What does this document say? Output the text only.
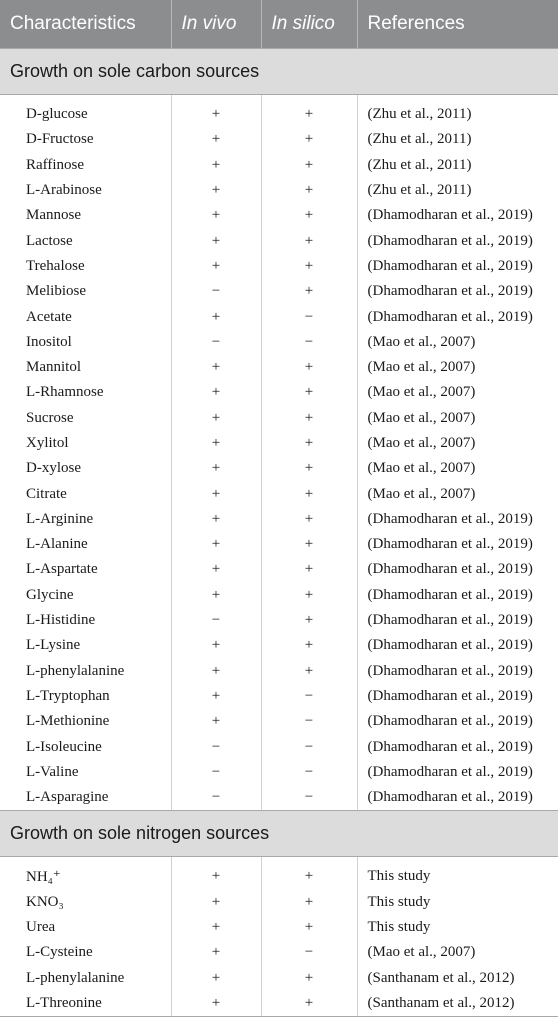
Characteristics	In vivo	In silico	References
Growth on sole carbon sources			

D-glucose	+	+	(Zhu et al., 2011)
D-Fructose	+	+	(Zhu et al., 2011)
Raffinose	+	+	(Zhu et al., 2011)
L-Arabinose	+	+	(Zhu et al., 2011)
Mannose	+	+	(Dhamodharan et al., 2019)
Lactose	+	+	(Dhamodharan et al., 2019)
Trehalose	+	+	(Dhamodharan et al., 2019)
Melibiose	−	+	(Dhamodharan et al., 2019)
Acetate	+	−	(Dhamodharan et al., 2019)
Inositol	−	−	(Mao et al., 2007)
Mannitol	+	+	(Mao et al., 2007)
L-Rhamnose	+	+	(Mao et al., 2007)
Sucrose	+	+	(Mao et al., 2007)
Xylitol	+	+	(Mao et al., 2007)
D-xylose	+	+	(Mao et al., 2007)
Citrate	+	+	(Mao et al., 2007)
L-Arginine	+	+	(Dhamodharan et al., 2019)
L-Alanine	+	+	(Dhamodharan et al., 2019)
L-Aspartate	+	+	(Dhamodharan et al., 2019)
Glycine	+	+	(Dhamodharan et al., 2019)
L-Histidine	−	+	(Dhamodharan et al., 2019)
L-Lysine	+	+	(Dhamodharan et al., 2019)
L-phenylalanine	+	+	(Dhamodharan et al., 2019)
L-Tryptophan	+	−	(Dhamodharan et al., 2019)
L-Methionine	+	−	(Dhamodharan et al., 2019)
L-Isoleucine	−	−	(Dhamodharan et al., 2019)
L-Valine	−	−	(Dhamodharan et al., 2019)
L-Asparagine	−	−	(Dhamodharan et al., 2019)
Growth on sole nitrogen sources			

NH₄⁺	+	+	This study
KNO₃	+	+	This study
Urea	+	+	This study
L-Cysteine	+	−	(Mao et al., 2007)
L-phenylalanine	+	+	(Santhanam et al., 2012)
L-Threonine	+	+	(Santhanam et al., 2012)
